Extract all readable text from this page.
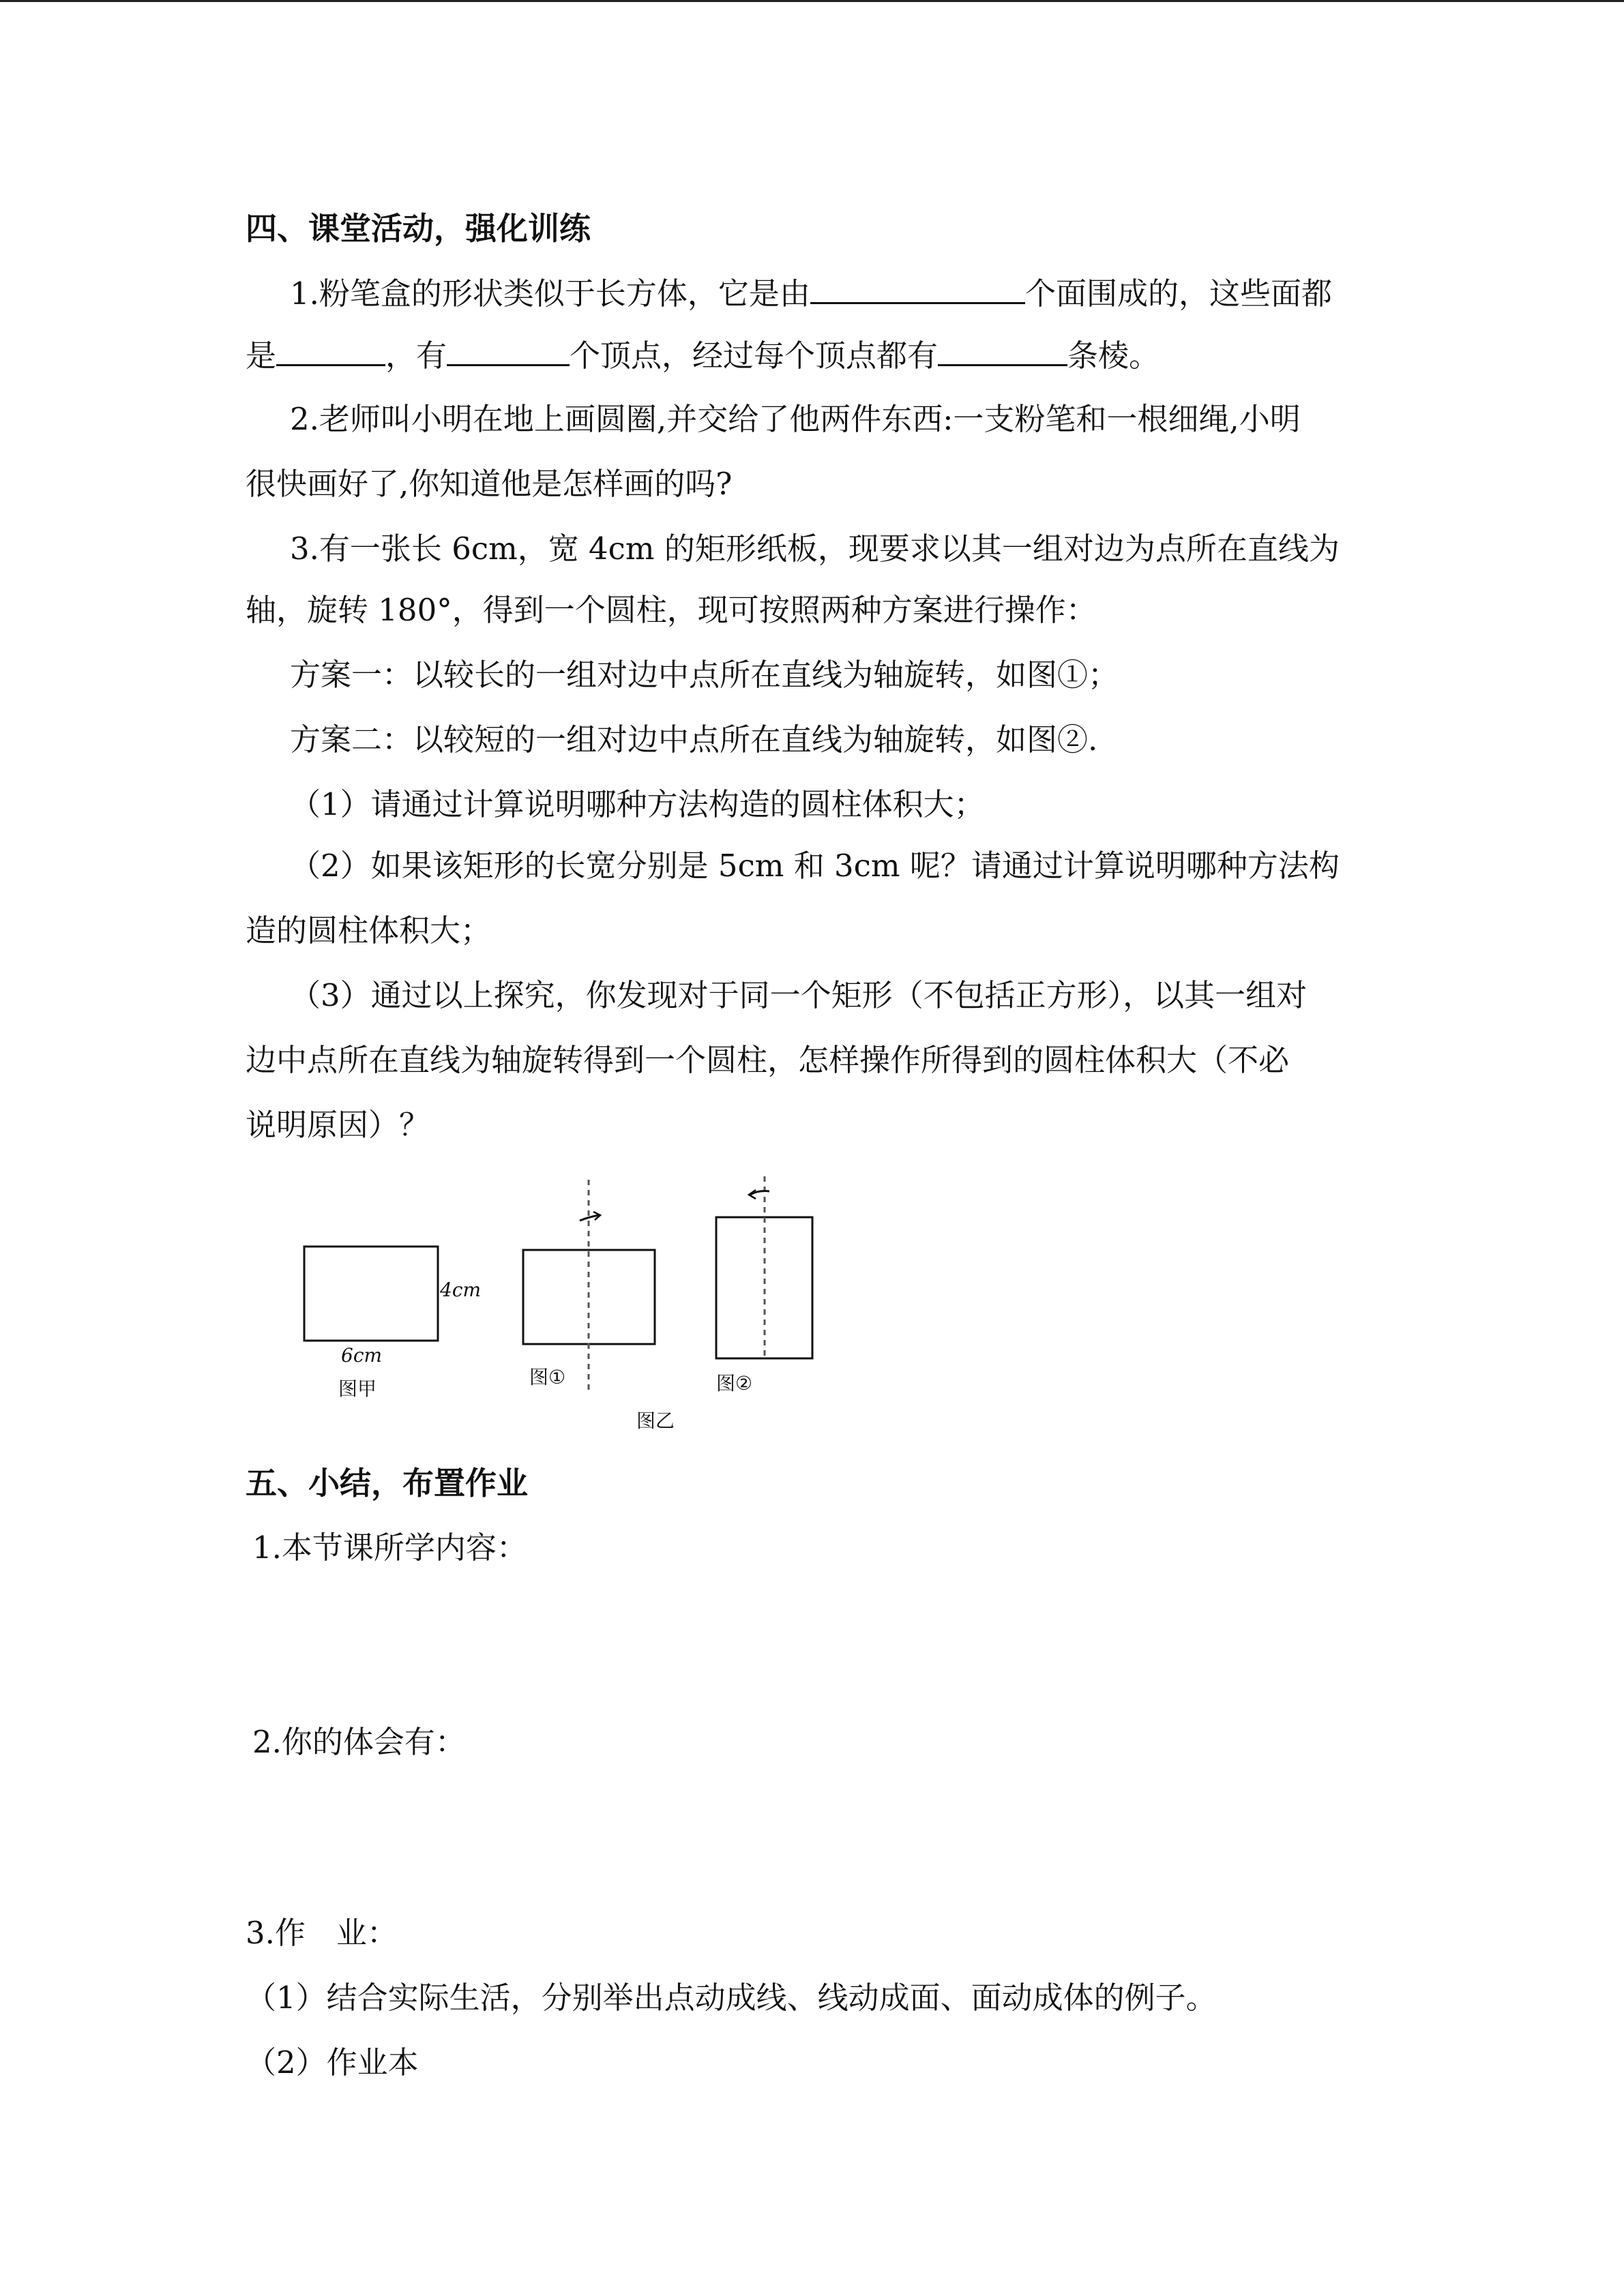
四、课堂活动，强化训练
1.粉笔盒的形状类似于长方体，它是由	个面围成的，这些面都
是	，有	个顶点，经过每个顶点都有	条棱。
2.老师叫小明在地上画圆圈,并交给了他两件东西:一支粉笔和一根细绳,小明
很快画好了,你知道他是怎样画的吗?
3.有一张长 6cm，宽 4cm 的矩形纸板，现要求以其一组对边为点所在直线为
轴，旋转 180°，得到一个圆柱，现可按照两种方案进行操作：
方案一：以较长的一组对边中点所在直线为轴旋转，如图①；
方案二：以较短的一组对边中点所在直线为轴旋转，如图②.
（1）请通过计算说明哪种方法构造的圆柱体积大；
（2）如果该矩形的长宽分别是 5cm 和 3cm 呢？请通过计算说明哪种方法构
造的圆柱体积大；
（3）通过以上探究，你发现对于同一个矩形（不包括正方形），以其一组对
边中点所在直线为轴旋转得到一个圆柱，怎样操作所得到的圆柱体积大（不必
说明原因）？
4cm
6cm
图甲
图①	图②
图乙
五、小结，布置作业
1.本节课所学内容：
2.你的体会有：
3.作　业：
（1）结合实际生活，分别举出点动成线、线动成面、面动成体的例子。
（2）作业本
